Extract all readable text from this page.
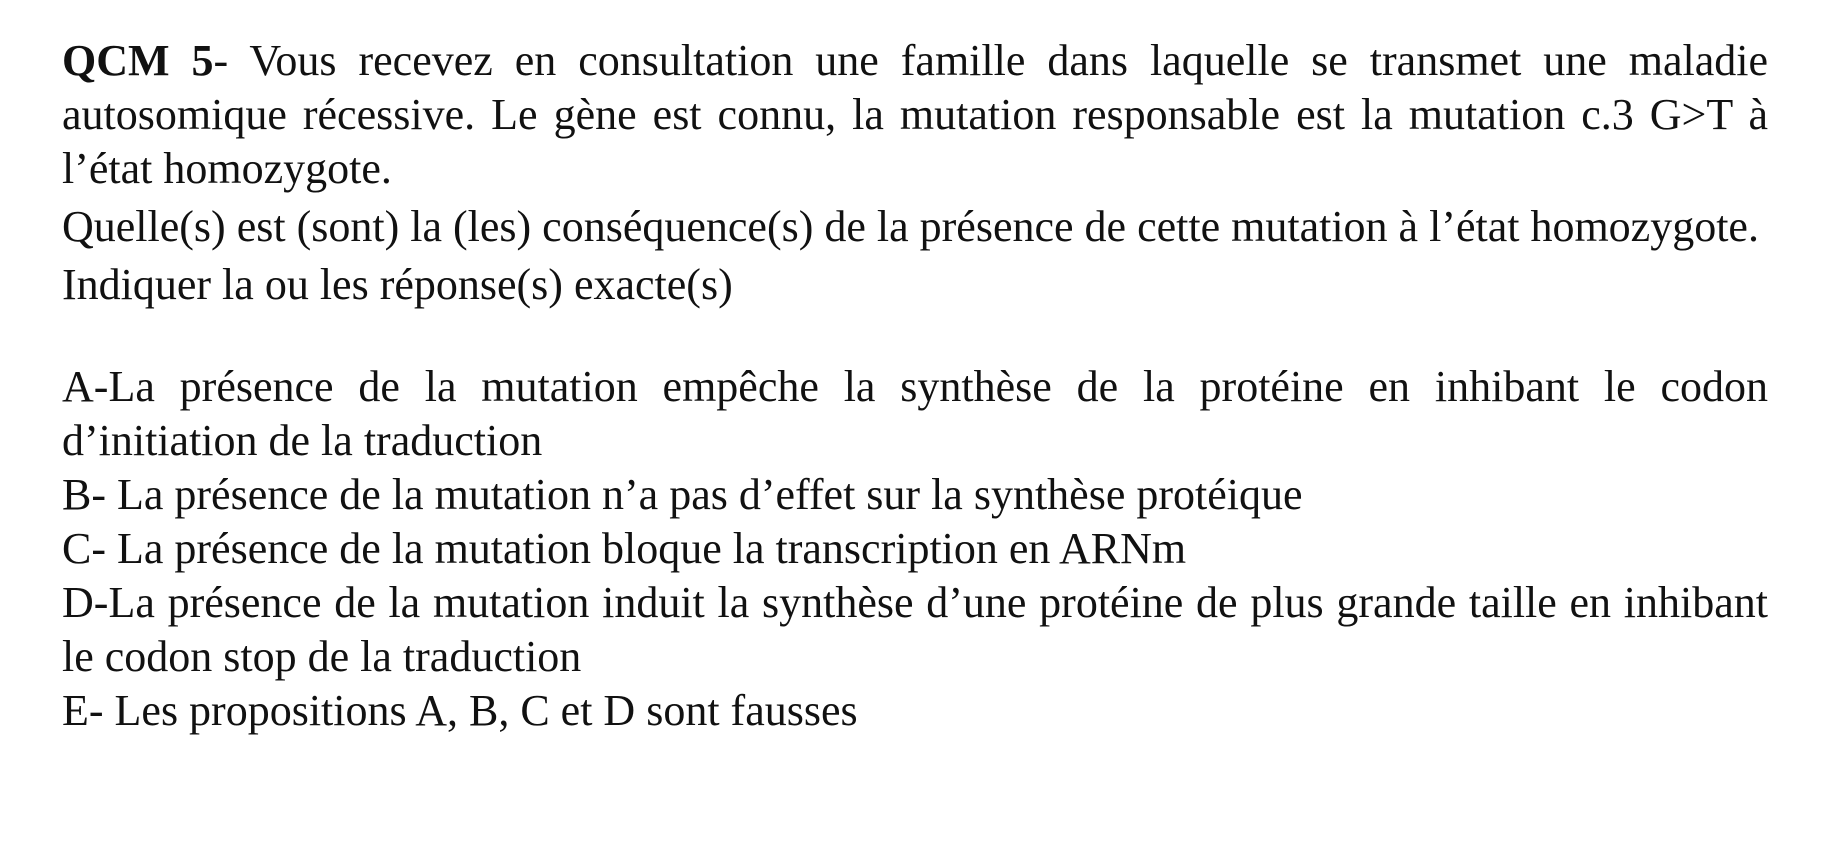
QCM 5- Vous recevez en consultation une famille dans laquelle se transmet une maladie autosomique récessive. Le gène est connu, la mutation responsable est la mutation c.3 G>T à l’état homozygote.

Quelle(s) est (sont) la (les) conséquence(s) de la présence de cette mutation à l’état homozygote.

Indiquer la ou les réponse(s) exacte(s)

A-La présence de la mutation empêche la synthèse de la protéine en inhibant le codon d’initiation de la traduction

B- La présence de la mutation n’a pas d’effet sur la synthèse protéique

C- La présence de la mutation bloque la transcription en ARNm

D-La présence de la mutation induit la synthèse d’une protéine de plus grande taille en inhibant le codon stop de la traduction

E- Les propositions A, B, C et D sont fausses
